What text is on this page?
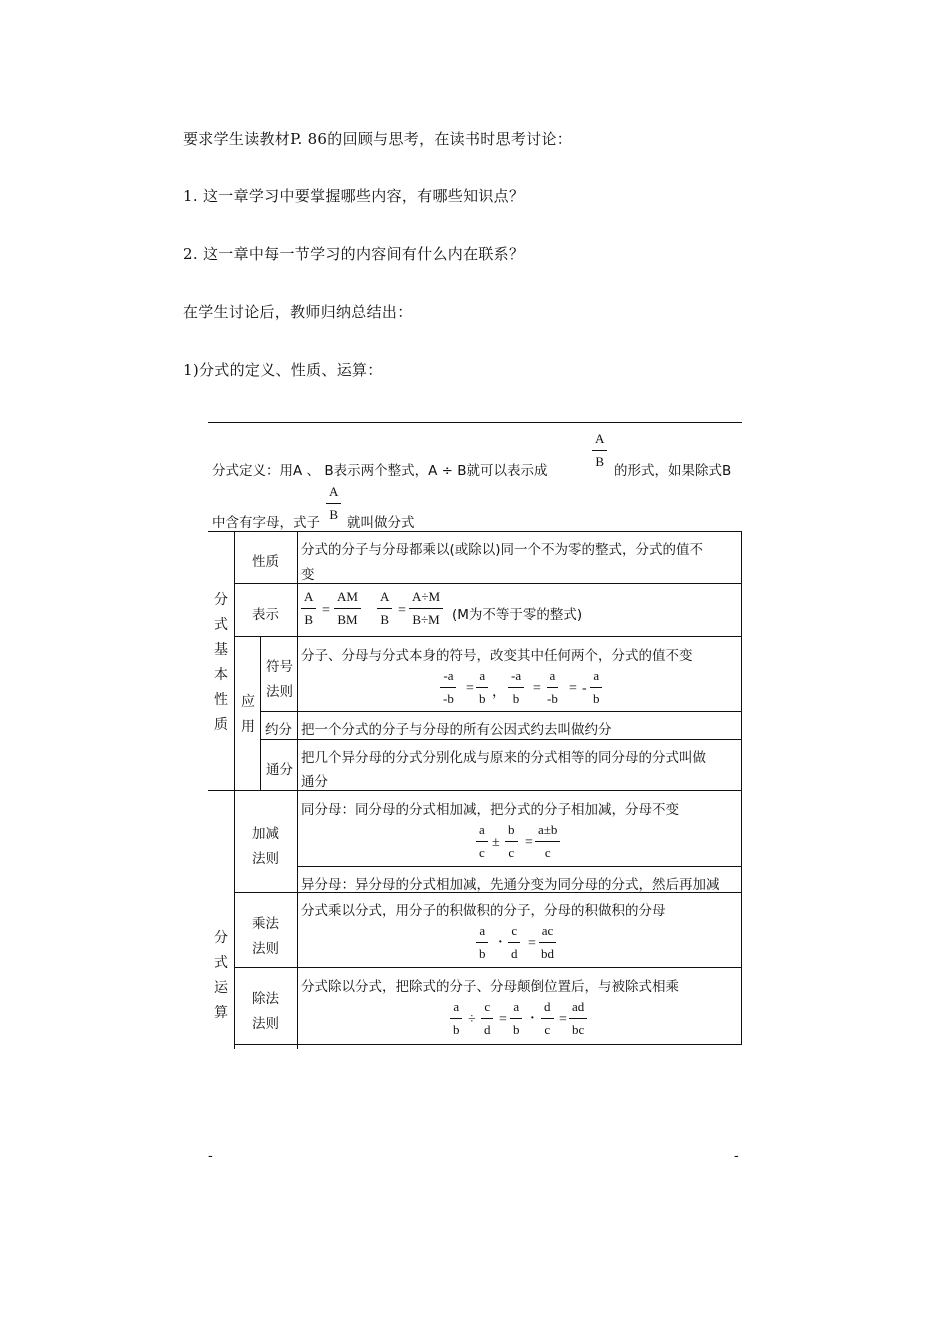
要求学生读教材P. 86的回顾与思考，在读书时思考讨论：
1. 这一章学习中要掌握哪些内容，有哪些知识点？
2. 这一章中每一节学习的内容间有什么内在联系？
在学生讨论后，教师归纳总结出：
1)分式的定义、性质、运算：
分式定义：用A 、 B表示两个整式，A ÷ B就可以表示成	$\frac{A}{B}$ 的形式，如果除式B
中含有字母，式子 $\frac{A}{B}$ 就叫做分式
分
式
基
本
性
质
性质
分式的分子与分母都乘以(或除以)同一个不为零的整式，分式的值不
变
表示 $\frac{A}{B} = \frac{AM}{BM} \frac{A}{B} = \frac{A\div M}{B\div M} (M$为不等于零的整式)
应
用
符号
法则
分子、分母与分式本身的符号，改变其中任何两个，分式的值不变
$\frac{-a}{-b} = \frac{a}{b}$ ， $\frac{-a}{b} = \frac{a}{-b}$ = - $\frac{a}{b}$
约分 把一个分式的分子与分母的所有公因式约去叫做约分
通分
把几个异分母的分式分别化成与原来的分式相等的同分母的分式叫做
通分
分
式
运
算
加减
法则
同分母：同分母的分式相加减，把分式的分子相加减，分母不变
$\frac{a}{c} \pm \frac{b}{c} = \frac{a\pm b}{c}$
异分母：异分母的分式相加减，先通分变为同分母的分式，然后再加减
乘法
法则
分式乘以分式，用分子的积做积的分子，分母的积做积的分母
$\frac{a}{b} \cdot \frac{c}{d} = \frac{ac}{bd}$
除法
法则
分式除以分式，把除式的分子、分母颠倒位置后，与被除式相乘
$\frac{a}{b} \div \frac{c}{d} = \frac{a}{b} \cdot \frac{d}{c} = \frac{ad}{bc}$
-	-
